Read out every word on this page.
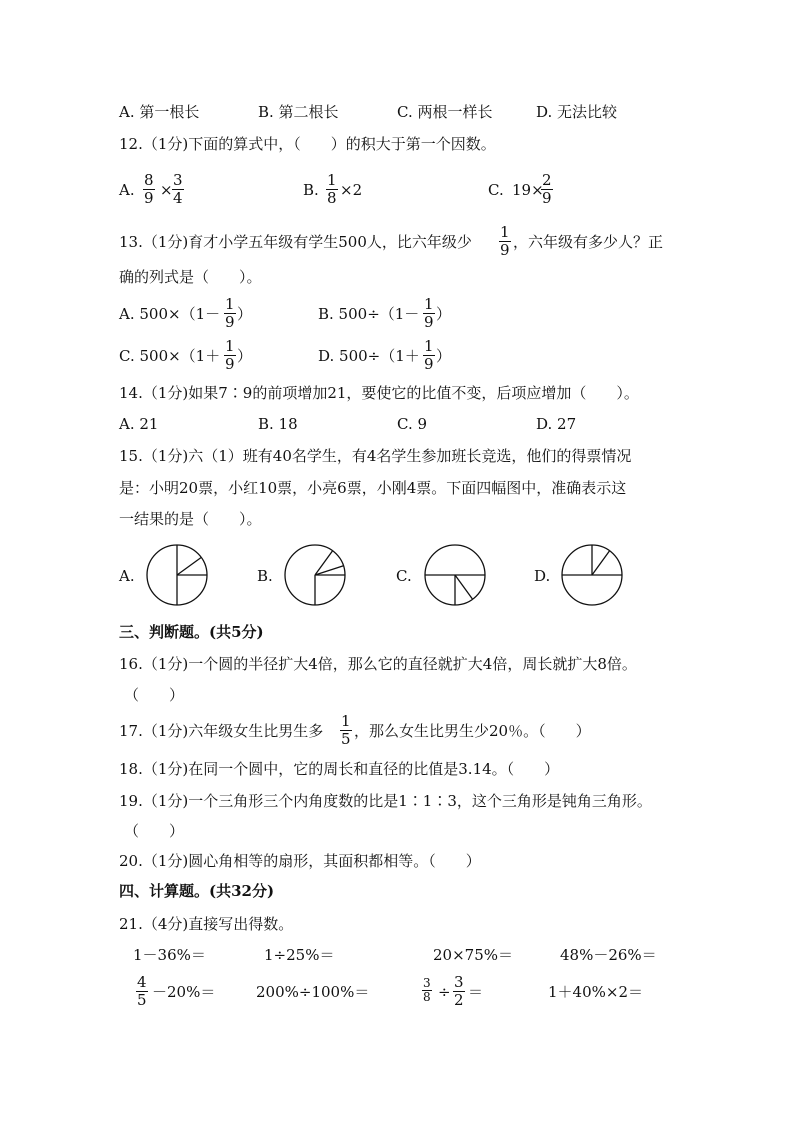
A. 第一根长	B. 第二根长	C. 两根一样长	D. 无法比较
12.（1分)下面的算式中，（　　）的积大于第一个因数。
A. $\frac{8}{9} \times \frac{3}{4}$	B. $\frac{1}{8} \times 2$	C. 19×
$\frac{2}{9}$
13.（1分)育才小学五年级有学生500人，比六年级少 $\frac{1}{9}$ ，六年级有多少人？正
确的列式是（　　）。
A. $500\times(1- \frac{1}{9}$ ）	B. $500\div(1- \frac{1}{9}$ ）
C. $500\times(1+ \frac{1}{9}$ ）	D. $500\div(1+ \frac{1}{9}$ ）
14.（1分)如果7∶9的前项增加21，要使它的比值不变，后项应增加（　　）。
A. 21	B. 18	C. 9	D. 27
15.（1分)六（1）班有40名学生，有4名学生参加班长竞选，他们的得票情况
是：小明20票，小红10票，小亮6票，小刚4票。下面四幅图中，准确表示这
一结果的是（　　）。
A.	B.	C.	D.
三、判断题。(共5分)
16.（1分)一个圆的半径扩大4倍，那么它的直径就扩大4倍，周长就扩大8倍。
（　　）
17.（1分)六年级女生比男生多 $\frac{1}{5}$ ，那么女生比男生少20％。（　　）
18.（1分)在同一个圆中，它的周长和直径的比值是3.14。（　　）
19.（1分)一个三角形三个内角度数的比是1∶1∶3，这个三角形是钝角三角形。
（　　）
20.（1分)圆心角相等的扇形，其面积都相等。（　　）
四、计算题。(共32分)
21.（4分)直接写出得数。
1－36%＝	1÷25%＝	20×75%＝	48%－26%＝
$\frac{4}{5} -20\%=$	200%÷100%＝	$\frac{3}{8} \div \frac{3}{2}$ ＝	1＋40%×2＝
